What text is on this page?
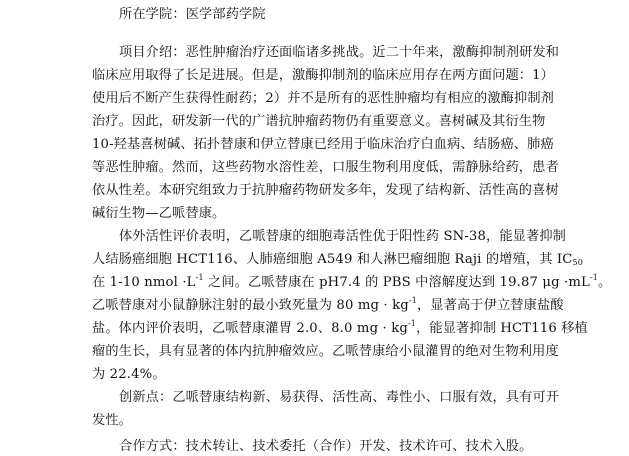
所在学院：医学部药学院
项目介绍：恶性肿瘤治疗还面临诸多挑战。近二十年来，激酶抑制剂研发和
临床应用取得了长足进展。但是，激酶抑制剂的临床应用存在两方面问题：1）
使用后不断产生获得性耐药；2）并不是所有的恶性肿瘤均有相应的激酶抑制剂
治疗。因此，研发新一代的广谱抗肿瘤药物仍有重要意义。喜树碱及其衍生物
10-羟基喜树碱、拓扑替康和伊立替康已经用于临床治疗白血病、结肠癌、肺癌
等恶性肿瘤。然而，这些药物水溶性差，口服生物利用度低，需静脉给药，患者
依从性差。本研究组致力于抗肿瘤药物研发多年，发现了结构新、活性高的喜树
碱衍生物—乙哌替康。
体外活性评价表明，乙哌替康的细胞毒活性优于阳性药 SN-38，能显著抑制
人结肠癌细胞 HCT116、人肺癌细胞 A549 和人淋巴瘤细胞 Raji 的增殖，其 $IC_{50}$
在 1-10 nmol $\cdot L^{-1}$ 之间。乙哌替康在 pH7.4 的 PBS 中溶解度达到 19.87 $\mu g \cdot mL^{-1}$。
乙哌替康对小鼠静脉注射的最小致死量为 80 mg · $kg^{-1}$，显著高于伊立替康盐酸
盐。体内评价表明，乙哌替康灌胃 2.0、8.0 mg · $kg^{-1}$，能显著抑制 HCT116 移植
瘤的生长，具有显著的体内抗肿瘤效应。乙哌替康给小鼠灌胃的绝对生物利用度
为 22.4%。
创新点：乙哌替康结构新、易获得、活性高、毒性小、口服有效，具有可开
发性。
合作方式：技术转让、技术委托（合作）开发、技术许可、技术入股。
